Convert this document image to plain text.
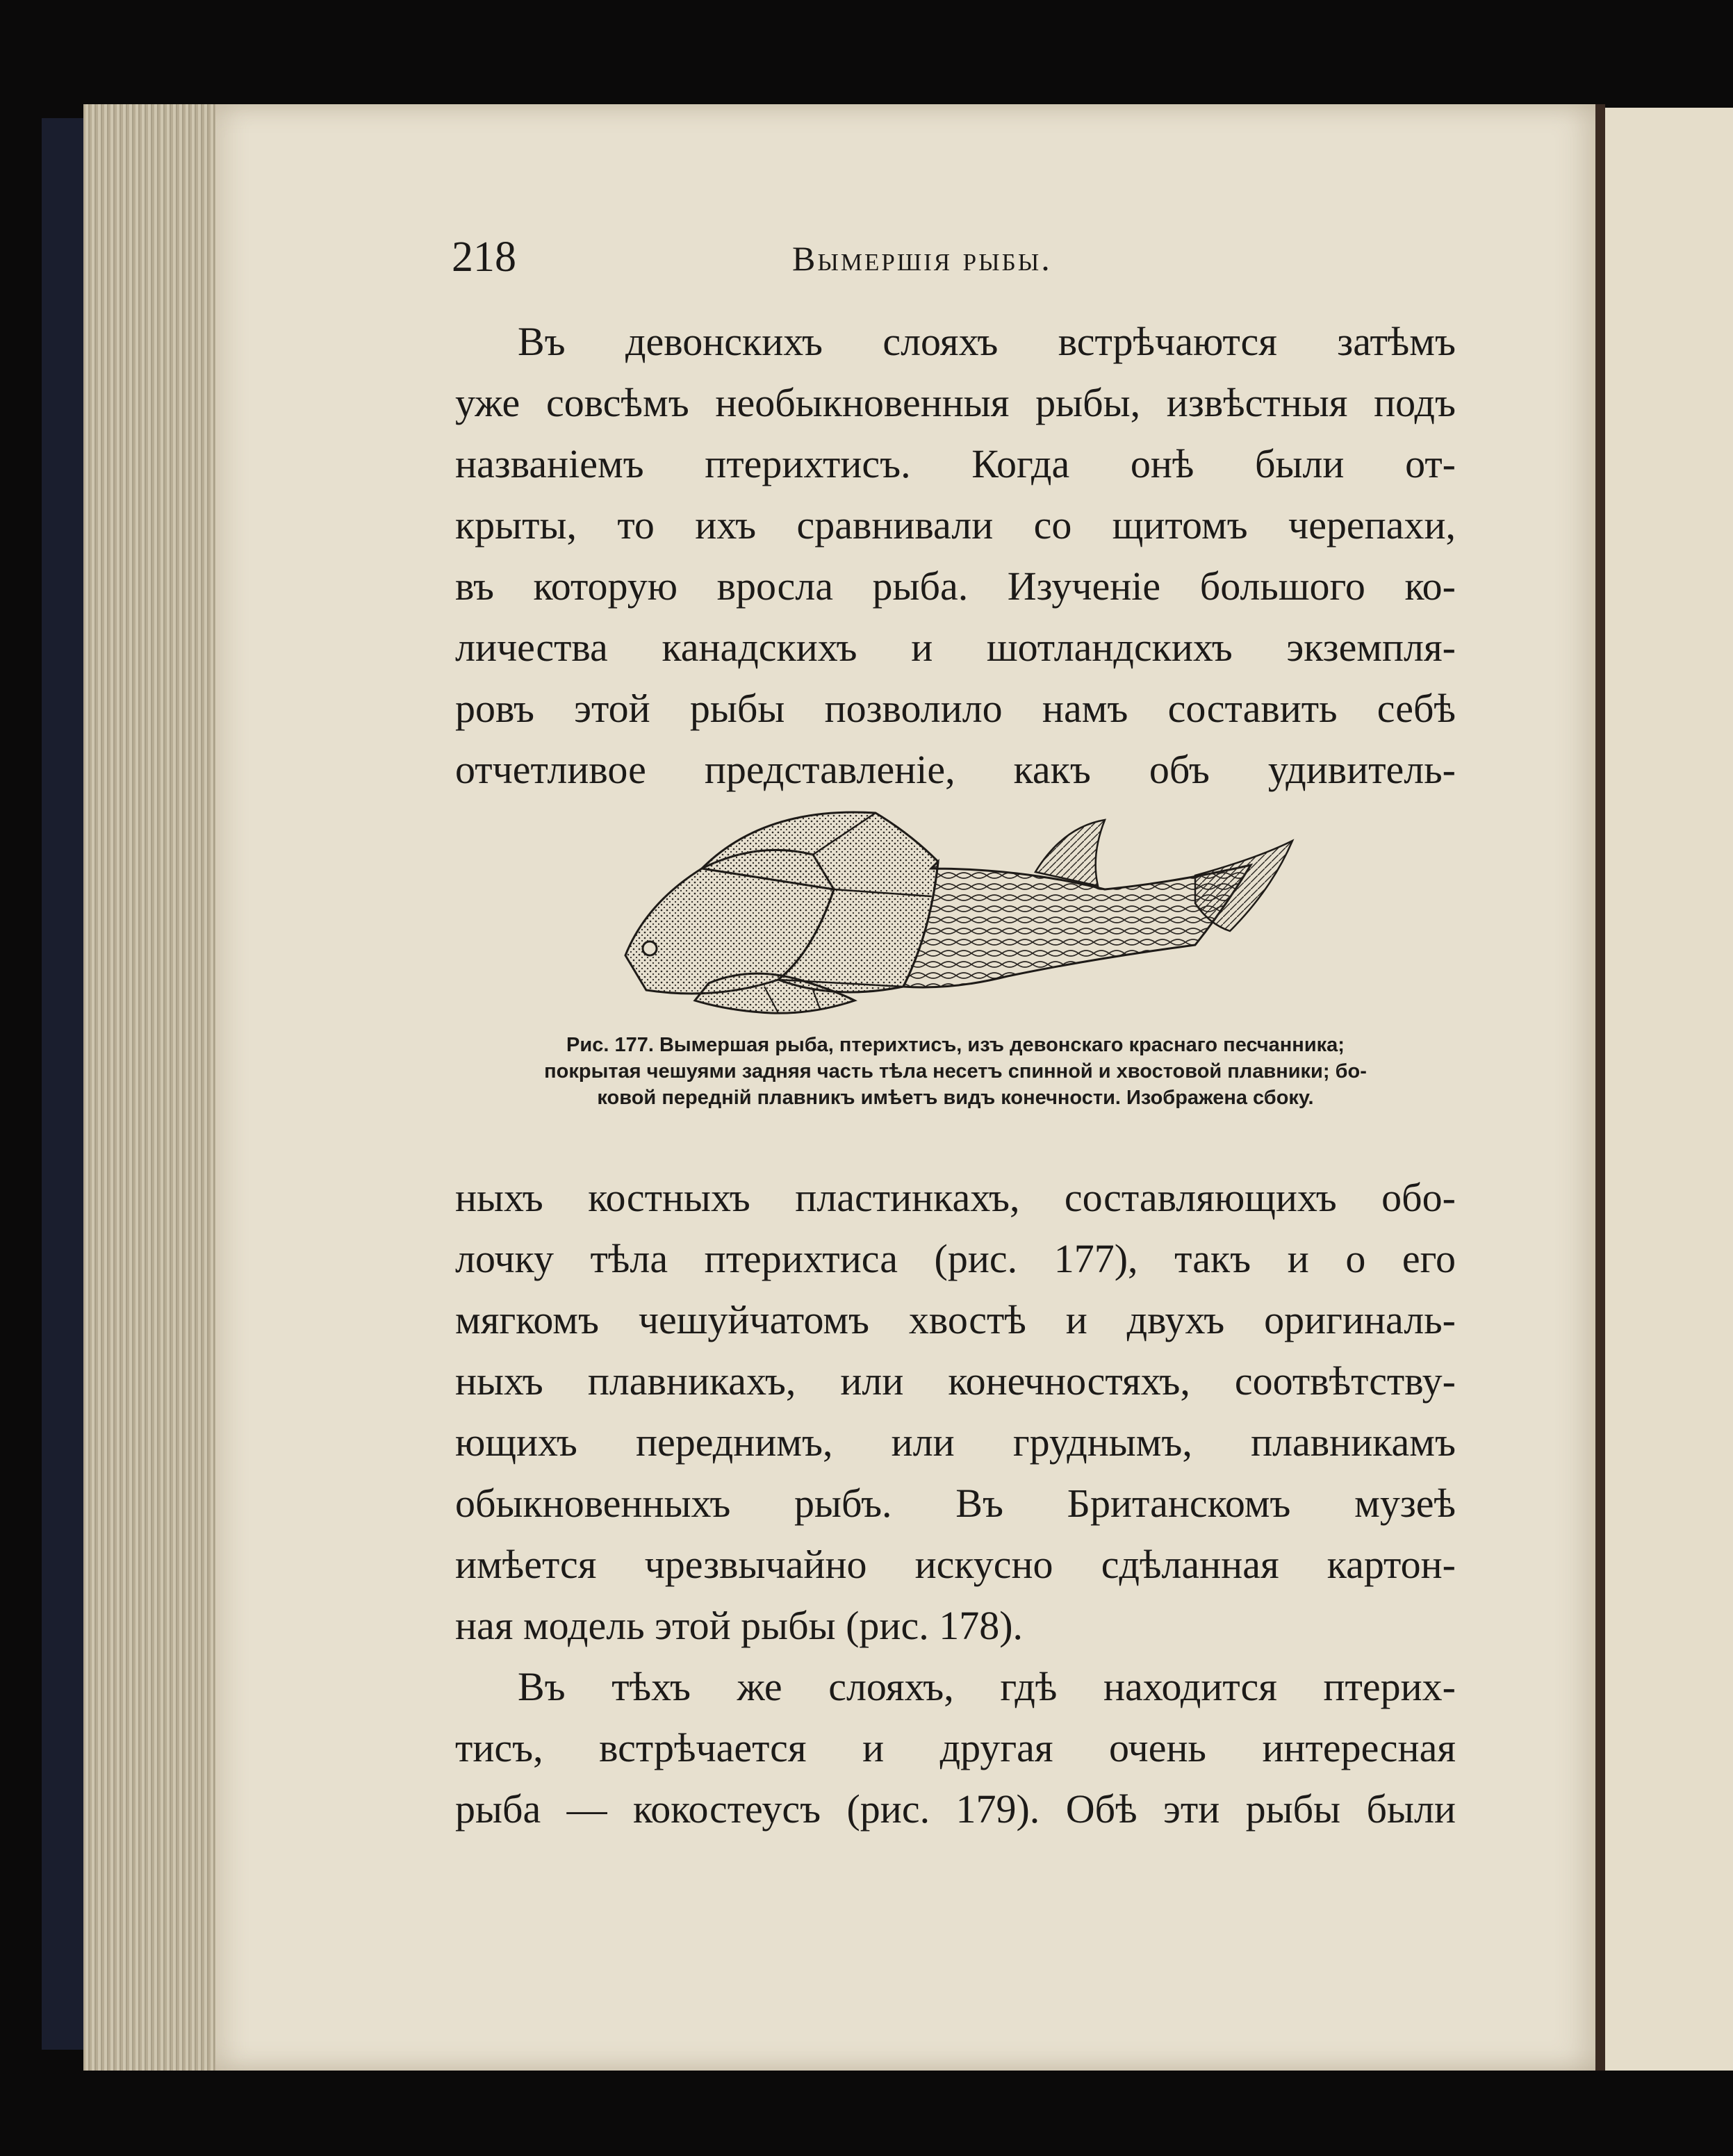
218	Вымершія рыбы.
Въ девонскихъ слояхъ встрѣчаются затѣмъ
уже совсѣмъ необыкновенныя рыбы, извѣстныя подъ
названіемъ птерихтисъ. Когда онѣ были от-
крыты, то ихъ сравнивали со щитомъ черепахи,
въ которую вросла рыба. Изученіе большого ко-
личества канадскихъ и шотландскихъ экземпля-
ровъ этой рыбы позволило намъ составить себѣ
отчетливое представленіе, какъ объ удивитель-
Рис. 177. Вымершая рыба, птерихтисъ, изъ девонскаго краснаго песчанника;
покрытая чешуями задняя часть тѣла несетъ спинной и хвостовой плавники; бо-
ковой передній плавникъ имѣетъ видъ конечности. Изображена сбоку.
ныхъ костныхъ пластинкахъ, составляющихъ обо-
лочку тѣла птерихтиса (рис. 177), такъ и о его
мягкомъ чешуйчатомъ хвостѣ и двухъ оригиналь-
ныхъ плавникахъ, или конечностяхъ, соотвѣтству-
ющихъ переднимъ, или груднымъ, плавникамъ
обыкновенныхъ рыбъ. Въ Британскомъ музеѣ
имѣется чрезвычайно искусно сдѣланная картон-
ная модель этой рыбы (рис. 178).
Въ тѣхъ же слояхъ, гдѣ находится птерих-
тисъ, встрѣчается и другая очень интересная
рыба — кокостеусъ (рис. 179). Обѣ эти рыбы были
